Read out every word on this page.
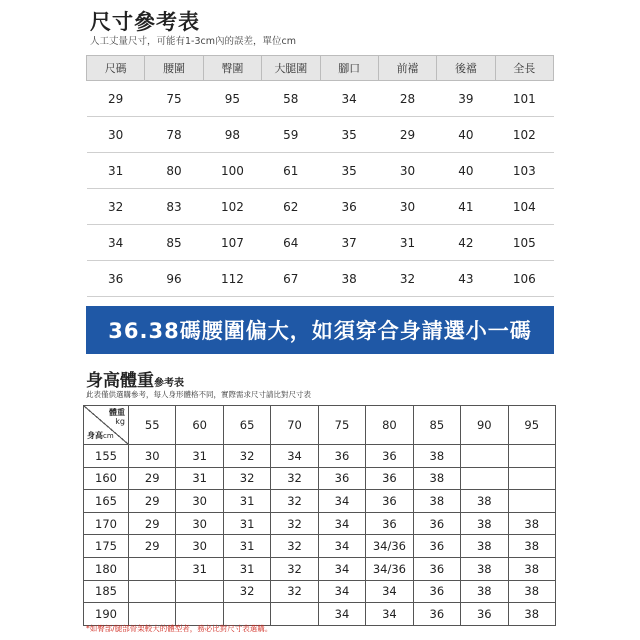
尺寸參考表
人工丈量尺寸，可能有1-3cm內的誤差，單位cm
尺碼	腰圍	臀圍	大腿圍	腳口	前襠	後襠	全長
29	75	95	58	34	28	39	101
30	78	98	59	35	29	40	102
31	80	100	61	35	30	40	103
32	83	102	62	36	30	41	104
34	85	107	64	37	31	42	105
36	96	112	67	38	32	43	106

36.38碼腰圍偏大，如須穿合身請選小一碼
身高體重參考表
此表僅供選購參考，每人身形體格不同，實際需求尺寸請比對尺寸表
體重
kg
身高cm	55	60	65	70	75	80	85	90	95
155	30	31	32	34	36	36	38		
160	29	31	32	32	36	36	38		
165	29	30	31	32	34	36	38	38	
170	29	30	31	32	34	36	36	38	38
175	29	30	31	32	34	34/36	36	38	38
180		31	31	32	34	34/36	36	38	38
185			32	32	34	34	36	38	38
190					34	34	36	36	38
*如臀部/腿部骨架較大的體型者，務必比對尺寸表選購。
